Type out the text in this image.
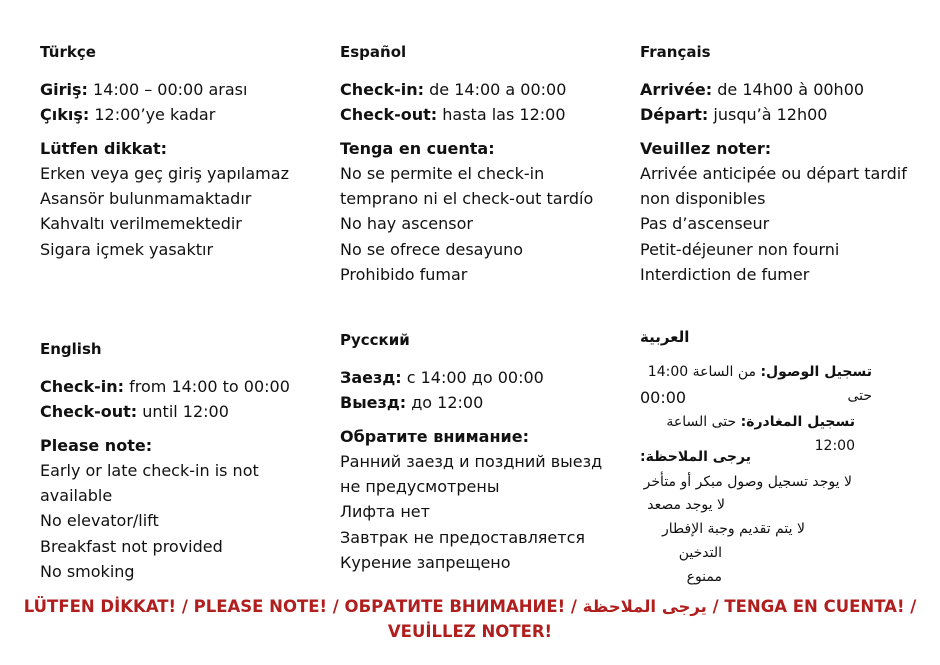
Türkçe
Giriş: 14:00 – 00:00 arası
Çıkış: 12:00’ye kadar
Lütfen dikkat:
Erken veya geç giriş yapılamaz
Asansör bulunmamaktadır
Kahvaltı verilmemektedir
Sigara içmek yasaktır
Español
Check-in: de 14:00 a 00:00
Check-out: hasta las 12:00
Tenga en cuenta:
No se permite el check-in
temprano ni el check-out tardío
No hay ascensor
No se ofrece desayuno
Prohibido fumar
Français
Arrivée: de 14h00 à 00h00
Départ: jusqu’à 12h00
Veuillez noter:
Arrivée anticipée ou départ tardif
non disponibles
Pas d’ascenseur
Petit-déjeuner non fourni
Interdiction de fumer
English
Check-in: from 14:00 to 00:00
Check-out: until 12:00
Please note:
Early or late check-in is not
available
No elevator/lift
Breakfast not provided
No smoking
Русский
Заезд: с 14:00 до 00:00
Выезд: до 12:00
Обратите внимание:
Ранний заезд и поздний выезд
не предусмотрены
Лифта нет
Завтрак не предоставляется
Курение запрещено
العربية
تسجيل الوصول: من الساعة 14:00 حتى
00:00
تسجيل المغادرة: حتى الساعة 12:00
يرجى الملاحظة:
لا يوجد تسجيل وصول مبكر أو متأخر
لا يوجد مصعد
لا يتم تقديم وجبة الإفطار
التدخين ممنوع
LÜTFEN DİKKAT! / PLEASE NOTE! / ОБРАТИТЕ ВНИМАНИЕ! / يرجى الملاحظة / TENGA EN CUENTA! /
VEUİLLEZ NOTER!
